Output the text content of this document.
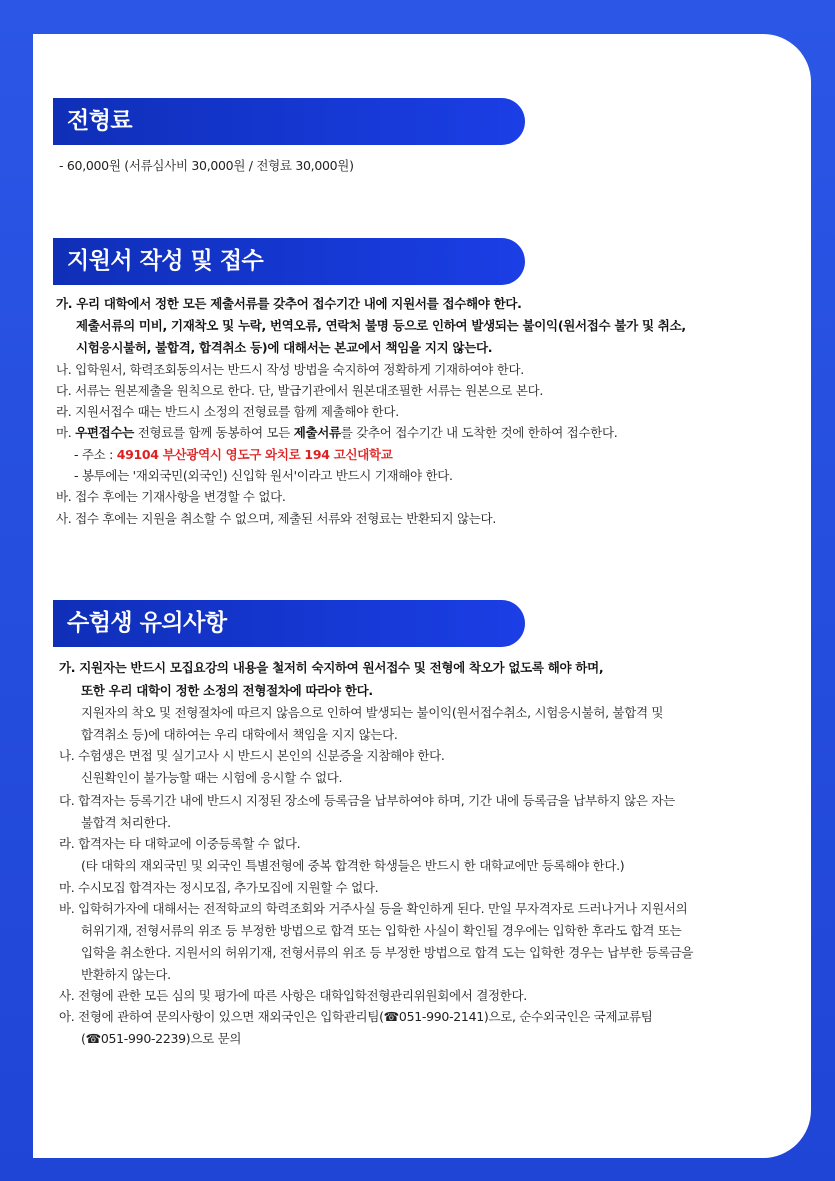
전형료
- 60,000원 (서류심사비 30,000원 / 전형료 30,000원)
지원서 작성 및 접수
가. 우리 대학에서 정한 모든 제출서류를 갖추어 접수기간 내에 지원서를 접수해야 한다.
제출서류의 미비, 기재착오 및 누락, 번역오류, 연락처 불명 등으로 인하여 발생되는 불이익(원서접수 불가 및 취소,
시험응시불허, 불합격, 합격취소 등)에 대해서는 본교에서 책임을 지지 않는다.
나. 입학원서, 학력조회동의서는 반드시 작성 방법을 숙지하여 정확하게 기재하여야 한다.
다. 서류는 원본제출을 원칙으로 한다. 단, 발급기관에서 원본대조필한 서류는 원본으로 본다.
라. 지원서접수 때는 반드시 소정의 전형료를 함께 제출해야 한다.
마. 우편접수는 전형료를 함께 동봉하여 모든 제출서류를 갖추어 접수기간 내 도착한 것에 한하여 접수한다.
- 주소 : 49104 부산광역시 영도구 와치로 194 고신대학교
- 봉투에는 '재외국민(외국인) 신입학 원서'이라고 반드시 기재해야 한다.
바. 접수 후에는 기재사항을 변경할 수 없다.
사. 접수 후에는 지원을 취소할 수 없으며, 제출된 서류와 전형료는 반환되지 않는다.
수험생 유의사항
가. 지원자는 반드시 모집요강의 내용을 철저히 숙지하여 원서접수 및 전형에 착오가 없도록 해야 하며,
또한 우리 대학이 정한 소정의 전형절차에 따라야 한다.
지원자의 착오 및 전형절차에 따르지 않음으로 인하여 발생되는 불이익(원서접수취소, 시험응시불허, 불합격 및
합격취소 등)에 대하여는 우리 대학에서 책임을 지지 않는다.
나. 수험생은 면접 및 실기고사 시 반드시 본인의 신분증을 지참해야 한다.
신원확인이 불가능할 때는 시험에 응시할 수 없다.
다. 합격자는 등록기간 내에 반드시 지정된 장소에 등록금을 납부하여야 하며, 기간 내에 등록금을 납부하지 않은 자는
불합격 처리한다.
라. 합격자는 타 대학교에 이중등록할 수 없다.
(타 대학의 재외국민 및 외국인 특별전형에 중복 합격한 학생들은 반드시 한 대학교에만 등록해야 한다.)
마. 수시모집 합격자는 정시모집, 추가모집에 지원할 수 없다.
바. 입학허가자에 대해서는 전적학교의 학력조회와 거주사실 등을 확인하게 된다. 만일 무자격자로 드러나거나 지원서의
허위기재, 전형서류의 위조 등 부정한 방법으로 합격 또는 입학한 사실이 확인될 경우에는 입학한 후라도 합격 또는
입학을 취소한다. 지원서의 허위기재, 전형서류의 위조 등 부정한 방법으로 합격 도는 입학한 경우는 납부한 등록금을
반환하지 않는다.
사. 전형에 관한 모든 심의 및 평가에 따른 사항은 대학입학전형관리위원회에서 결정한다.
아. 전형에 관하여 문의사항이 있으면 재외국인은 입학관리팀(☎051-990-2141)으로, 순수외국인은 국제교류팀
(☎051-990-2239)으로 문의
